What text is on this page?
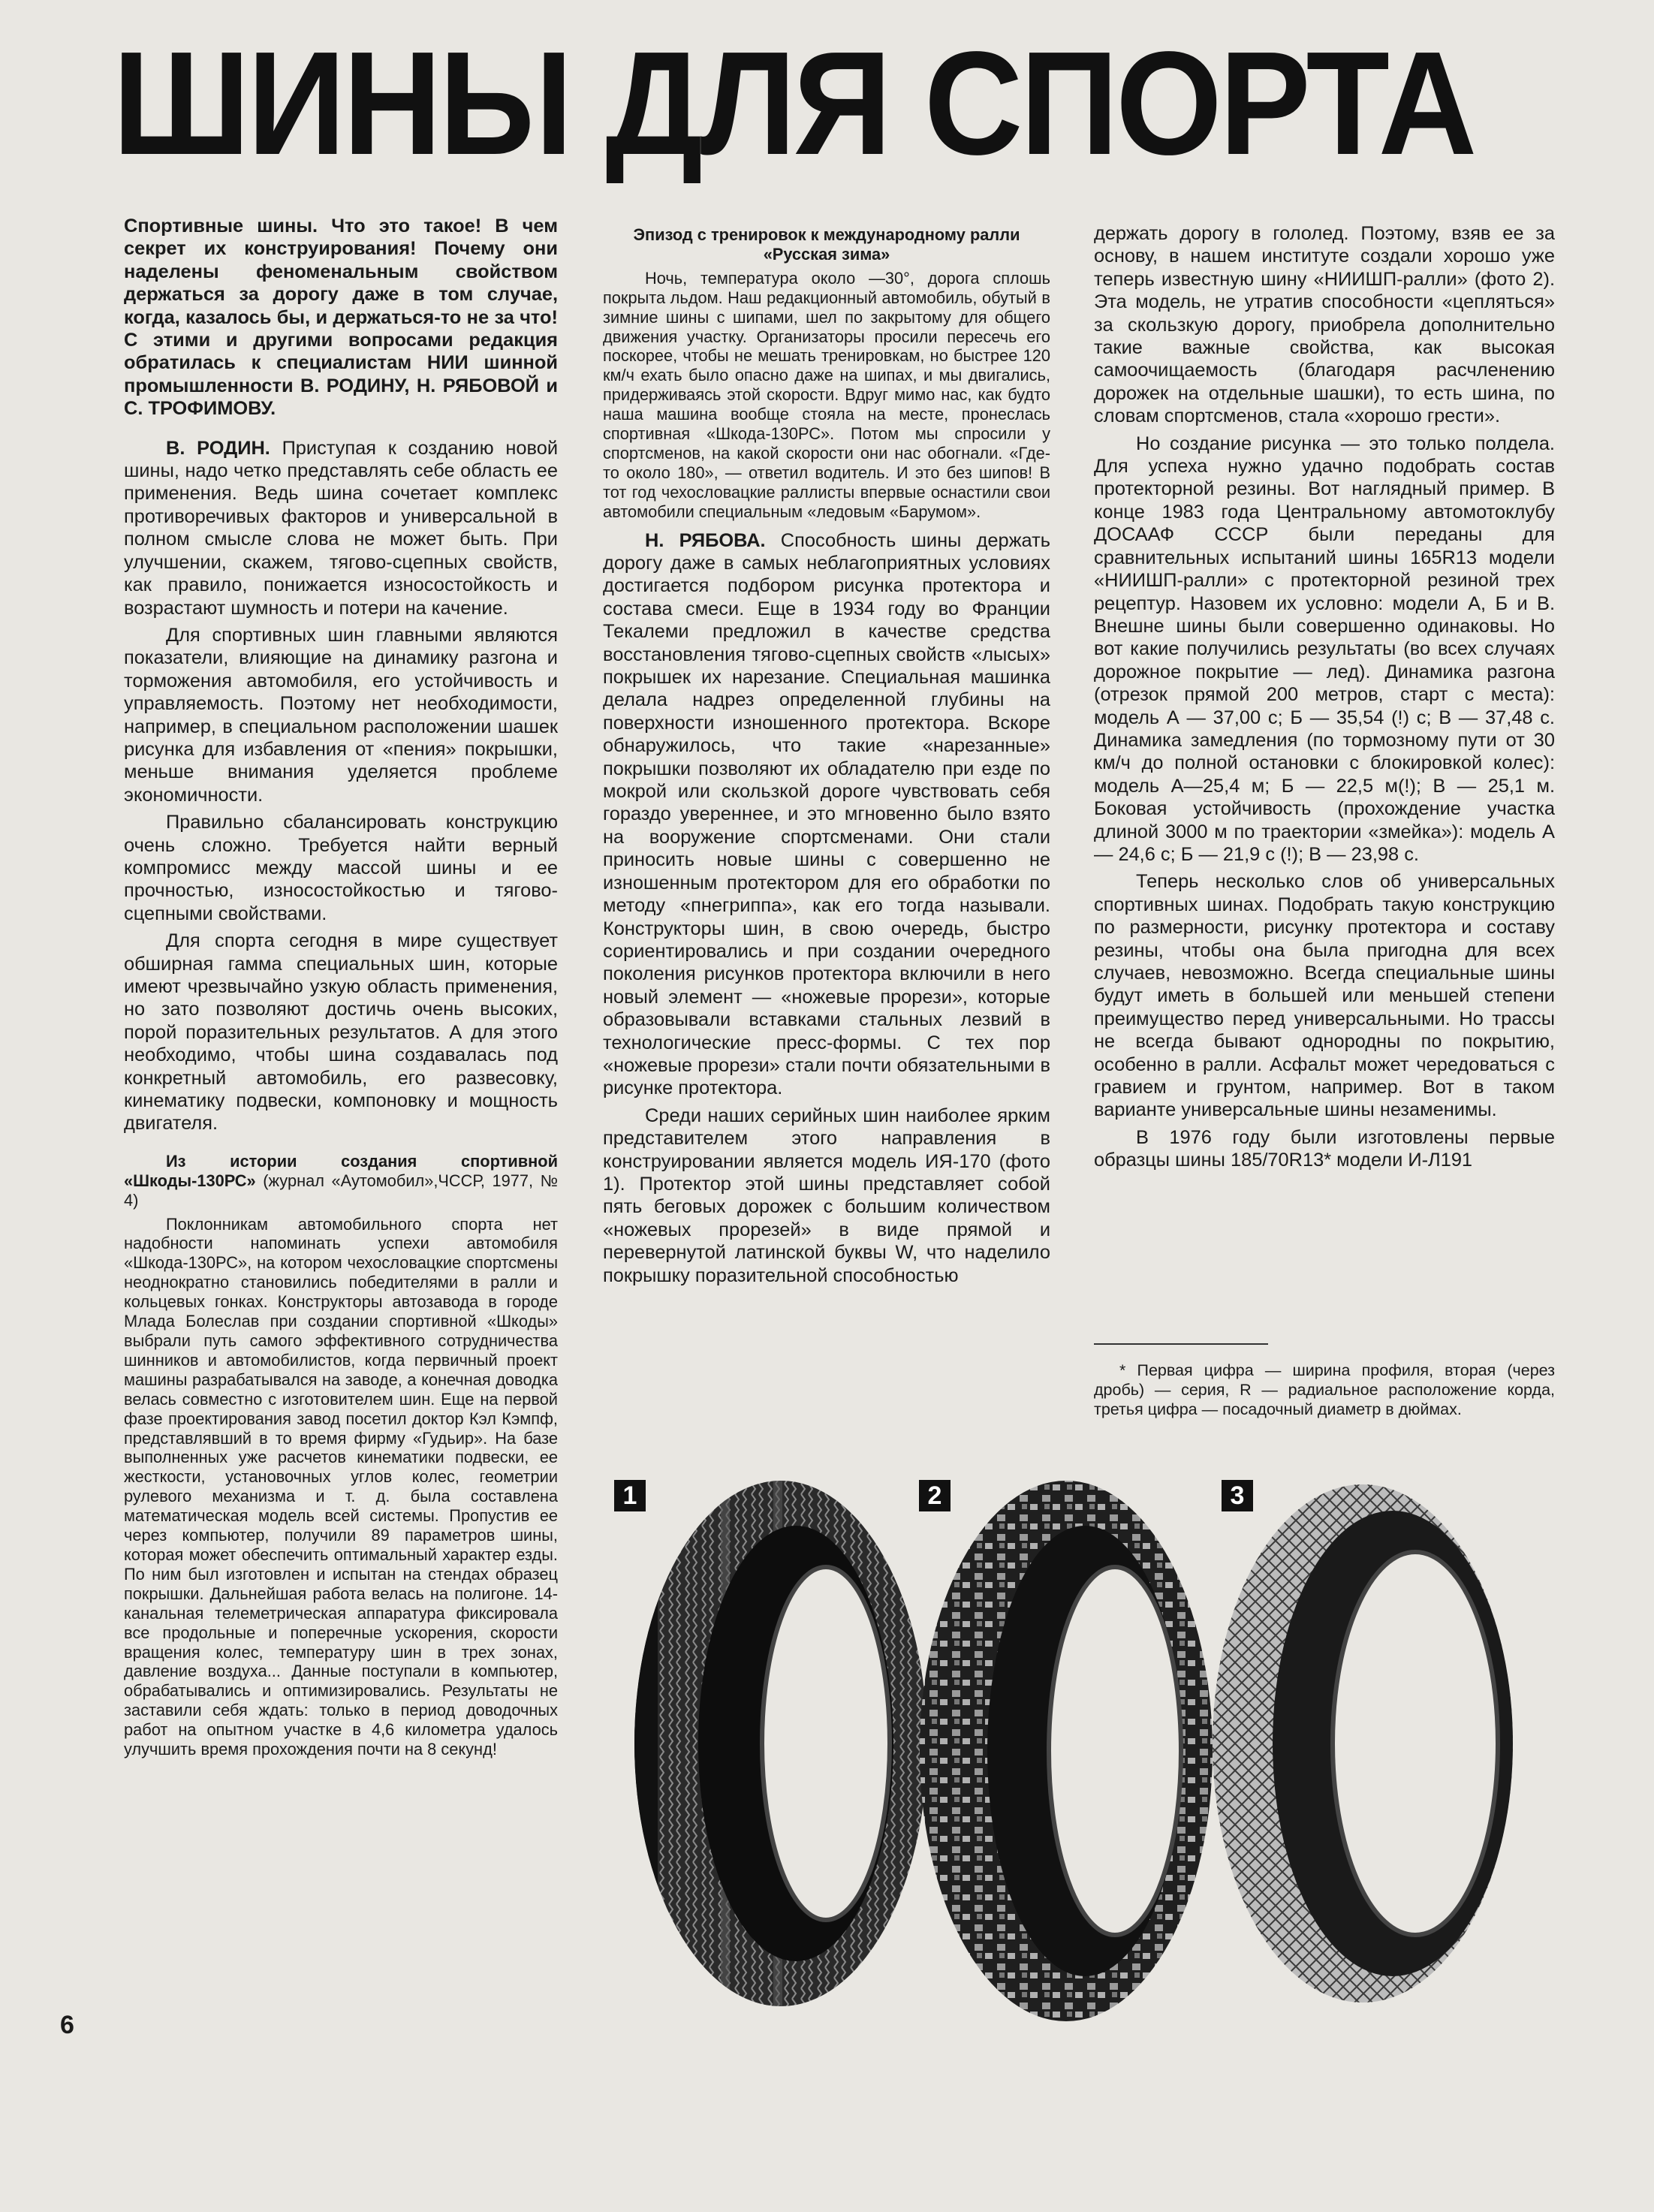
ШИНЫ ДЛЯ СПОРТА

Спортивные шины. Что это такое! В чем секрет их конструирования! Почему они наделены феноменальным свойством держаться за дорогу даже в том случае, когда, казалось бы, и держаться-то не за что! С этими и другими вопросами редакция обратилась к специалистам НИИ шинной промышленности В. РОДИНУ, Н. РЯБОВОЙ и С. ТРОФИМОВУ.

В. РОДИН. Приступая к созданию новой шины, надо четко представлять себе область ее применения. Ведь шина сочетает комплекс противоречивых факторов и универсальной в полном смысле слова не может быть. При улучшении, скажем, тягово-сцепных свойств, как правило, понижается износостойкость и возрастают шумность и потери на качение.

Для спортивных шин главными являются показатели, влияющие на динамику разгона и торможения автомобиля, его устойчивость и управляемость. Поэтому нет необходимости, например, в специальном расположении шашек рисунка для избавления от «пения» покрышки, меньше внимания уделяется проблеме экономичности.

Правильно сбалансировать конструкцию очень сложно. Требуется найти верный компромисс между массой шины и ее прочностью, износостойкостью и тягово-сцепными свойствами.

Для спорта сегодня в мире существует обширная гамма специальных шин, которые имеют чрезвычайно узкую область применения, но зато позволяют достичь очень высоких, порой поразительных результатов. А для этого необходимо, чтобы шина создавалась под конкретный автомобиль, его развесовку, кинематику подвески, компоновку и мощность двигателя.

Из истории создания спортивной «Шкоды-130РС» (журнал «Аутомобил»,ЧССР, 1977, № 4)

Поклонникам автомобильного спорта нет надобности напоминать успехи автомобиля «Шкода-130РС», на котором чехословацкие спортсмены неоднократно становились победителями в ралли и кольцевых гонках. Конструкторы автозавода в городе Млада Болеслав при создании спортивной «Шкоды» выбрали путь самого эффективного сотрудничества шинников и автомобилистов, когда первичный проект машины разрабатывался на заводе, а конечная доводка велась совместно с изготовителем шин. Еще на первой фазе проектирования завод посетил доктор Кэл Кэмпф, представлявший в то время фирму «Гудьир». На базе выполненных уже расчетов кинематики подвески, ее жесткости, установочных углов колес, геометрии рулевого механизма и т. д. была составлена математическая модель всей системы. Пропустив ее через компьютер, получили 89 параметров шины, которая может обеспечить оптимальный характер езды. По ним был изготовлен и испытан на стендах образец покрышки. Дальнейшая работа велась на полигоне. 14-канальная телеметрическая аппаратура фиксировала все продольные и поперечные ускорения, скорости вращения колес, температуру шин в трех зонах, давление воздуха... Данные поступали в компьютер, обрабатывались и оптимизировались. Результаты не заставили себя ждать: только в период доводочных работ на опытном участке в 4,6 километра удалось улучшить время прохождения почти на 8 секунд!

Эпизод с тренировок к международному ралли «Русская зима»

Ночь, температура около —30°, дорога сплошь покрыта льдом. Наш редакционный автомобиль, обутый в зимние шины с шипами, шел по закрытому для общего движения участку. Организаторы просили пересечь его поскорее, чтобы не мешать тренировкам, но быстрее 120 км/ч ехать было опасно даже на шипах, и мы двигались, придерживаясь этой скорости. Вдруг мимо нас, как будто наша машина вообще стояла на месте, пронеслась спортивная «Шкода-130РС». Потом мы спросили у спортсменов, на какой скорости они нас обогнали. «Где-то около 180», — ответил водитель. И это без шипов! В тот год чехословацкие раллисты впервые оснастили свои автомобили специальным «ледовым «Барумом».

Н. РЯБОВА. Способность шины держать дорогу даже в самых неблагоприятных условиях достигается подбором рисунка протектора и состава смеси. Еще в 1934 году во Франции Текалеми предложил в качестве средства восстановления тягово-сцепных свойств «лысых» покрышек их нарезание. Специальная машинка делала надрез определенной глубины на поверхности изношенного протектора. Вскоре обнаружилось, что такие «нарезанные» покрышки позволяют их обладателю при езде по мокрой или скользкой дороге чувствовать себя гораздо увереннее, и это мгновенно было взято на вооружение спортсменами. Они стали приносить новые шины с совершенно не изношенным протектором для его обработки по методу «пнегриппа», как его тогда называли. Конструкторы шин, в свою очередь, быстро сориентировались и при создании очередного поколения рисунков протектора включили в него новый элемент — «ножевые прорези», которые образовывали вставками стальных лезвий в технологические пресс-формы. С тех пор «ножевые прорези» стали почти обязательными в рисунке протектора.

Среди наших серийных шин наиболее ярким представителем этого направления в конструировании является модель ИЯ-170 (фото 1). Протектор этой шины представляет собой пять беговых дорожек с большим количеством «ножевых прорезей» в виде прямой и перевернутой латинской буквы W, что наделило покрышку поразительной способностью

держать дорогу в гололед. Поэтому, взяв ее за основу, в нашем институте создали хорошо уже теперь известную шину «НИИШП-ралли» (фото 2). Эта модель, не утратив способности «цепляться» за скользкую дорогу, приобрела дополнительно такие важные свойства, как высокая самоочищаемость (благодаря расчленению дорожек на отдельные шашки), то есть шина, по словам спортсменов, стала «хорошо грести».

Но создание рисунка — это только полдела. Для успеха нужно удачно подобрать состав протекторной резины. Вот наглядный пример. В конце 1983 года Центральному автомотоклубу ДОСААФ СССР были переданы для сравнительных испытаний шины 165R13 модели «НИИШП-ралли» с протекторной резиной трех рецептур. Назовем их условно: модели А, Б и В. Внешне шины были совершенно одинаковы. Но вот какие получились результаты (во всех случаях дорожное покрытие — лед). Динамика разгона (отрезок прямой 200 метров, старт с места): модель А — 37,00 с; Б — 35,54 (!) с; В — 37,48 с. Динамика замедления (по тормозному пути от 30 км/ч до полной остановки с блокировкой колес): модель А—25,4 м; Б — 22,5 м(!); В — 25,1 м. Боковая устойчивость (прохождение участка длиной 3000 м по траектории «змейка»): модель А — 24,6 с; Б — 21,9 с (!); В — 23,98 с.

Теперь несколько слов об универсальных спортивных шинах. Подобрать такую конструкцию по размерности, рисунку протектора и составу резины, чтобы она была пригодна для всех случаев, невозможно. Всегда специальные шины будут иметь в большей или меньшей степени преимущество перед универсальными. Но трассы не всегда бывают однородны по покрытию, особенно в ралли. Асфальт может чередоваться с гравием и грунтом, например. Вот в таком варианте универсальные шины незаменимы.

В 1976 году были изготовлены первые образцы шины 185/70R13* модели И-Л191

* Первая цифра — ширина профиля, вторая (через дробь) — серия, R — радиальное расположение корда, третья цифра — посадочный диаметр в дюймах.

1	2	3
6
